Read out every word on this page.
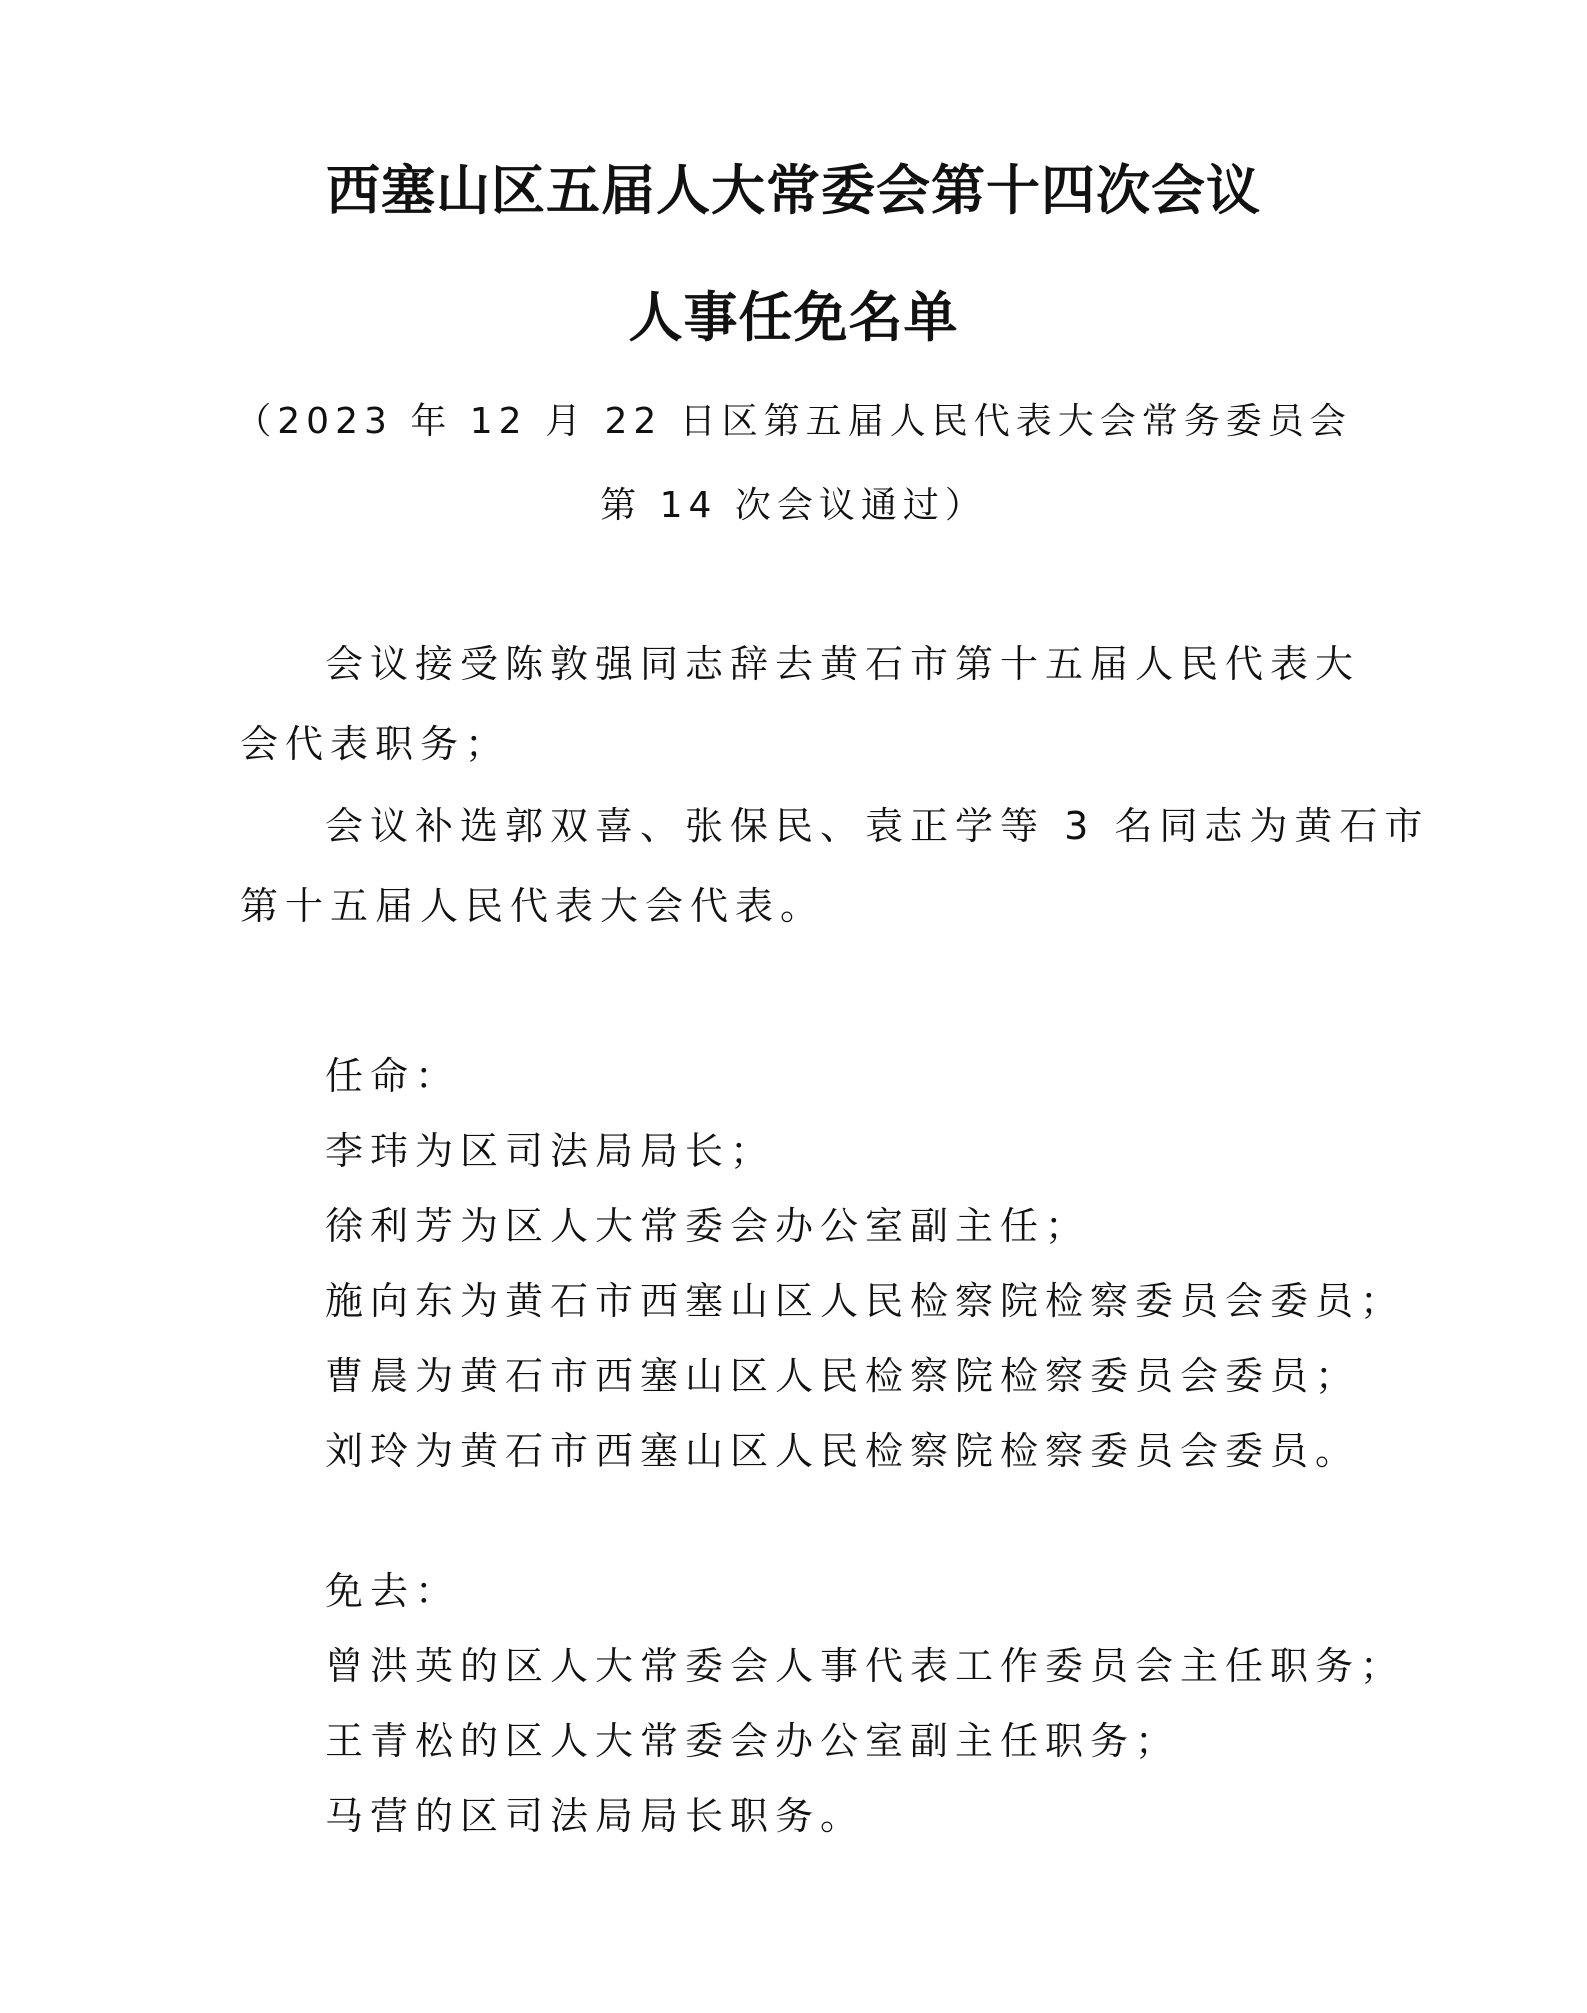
西塞山区五届人大常委会第十四次会议
人事任免名单
（2023 年 12 月 22 日区第五届人民代表大会常务委员会
第 14 次会议通过）
会议接受陈敦强同志辞去黄石市第十五届人民代表大
会代表职务；
会议补选郭双喜、张保民、袁正学等 3 名同志为黄石市
第十五届人民代表大会代表。
任命：
李玮为区司法局局长；
徐利芳为区人大常委会办公室副主任；
施向东为黄石市西塞山区人民检察院检察委员会委员；
曹晨为黄石市西塞山区人民检察院检察委员会委员；
刘玲为黄石市西塞山区人民检察院检察委员会委员。
免去：
曾洪英的区人大常委会人事代表工作委员会主任职务；
王青松的区人大常委会办公室副主任职务；
马营的区司法局局长职务。
